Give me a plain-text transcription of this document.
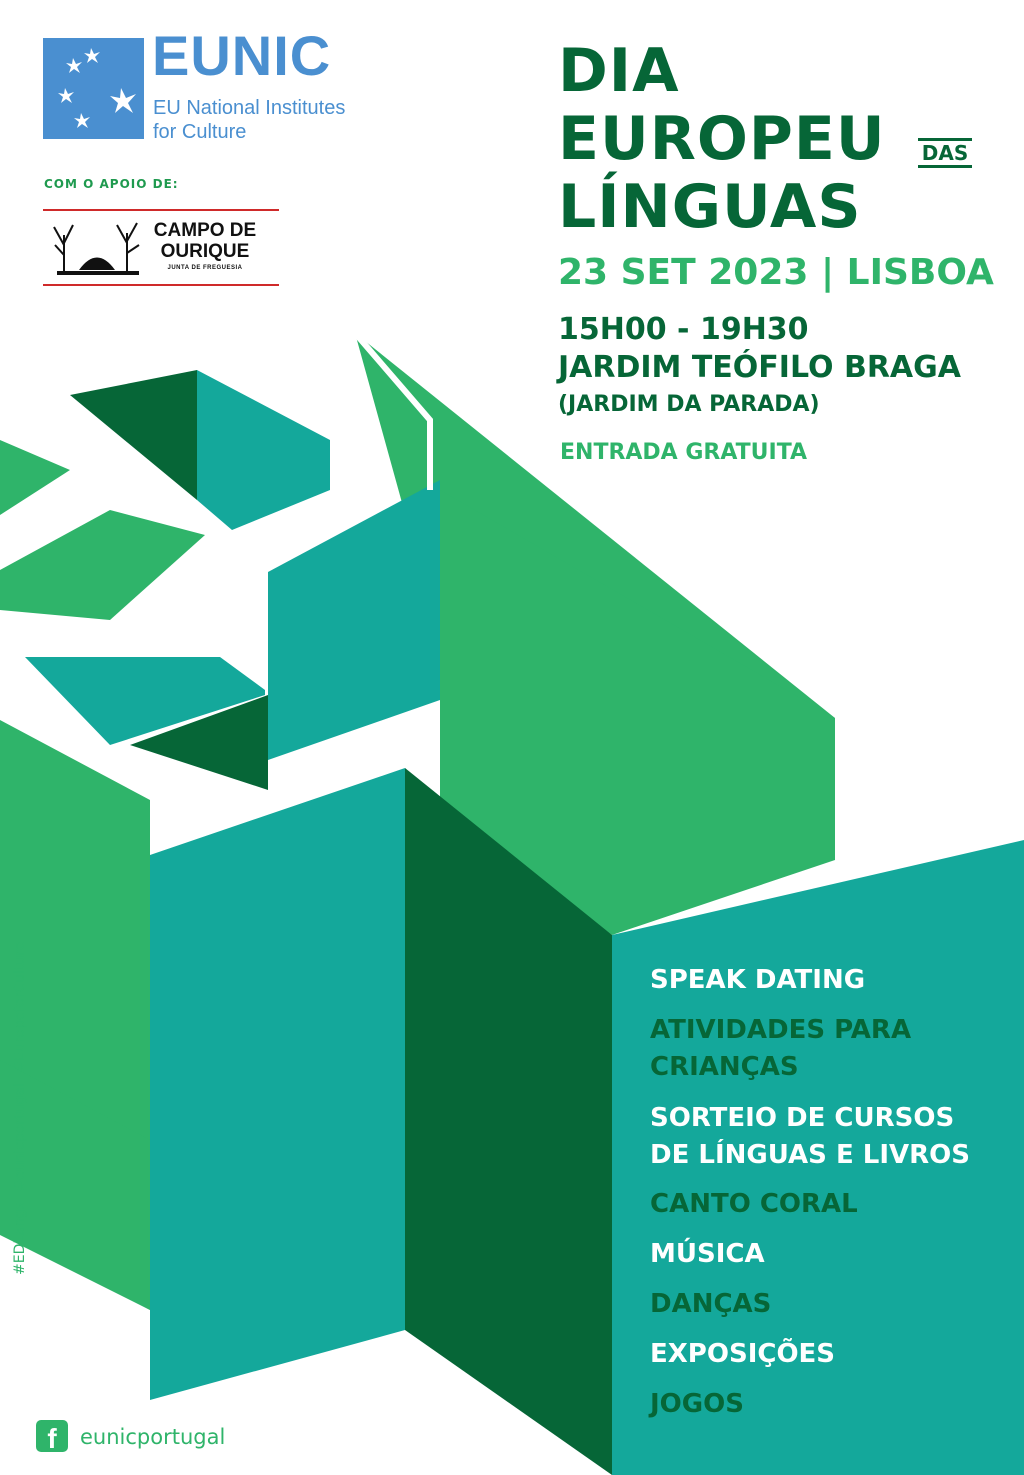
EUNIC
EU National Institutes
for Culture
COM O APOIO DE:
CAMPO DE
OURIQUE
JUNTA DE FREGUESIA
DIA
EUROPEU DAS
LÍNGUAS
23 SET 2023 | LISBOA
15H00 - 19H30
JARDIM TEÓFILO BRAGA
(JARDIM DA PARADA)
ENTRADA GRATUITA
SPEAK DATING
ATIVIDADES PARA
CRIANÇAS
SORTEIO DE CURSOS
DE LÍNGUAS E LIVROS
CANTO CORAL
MÚSICA
DANÇAS
EXPOSIÇÕES
JOGOS
#EDLangs #eunicportugal #EuropeforCulture
f	eunicportugal
